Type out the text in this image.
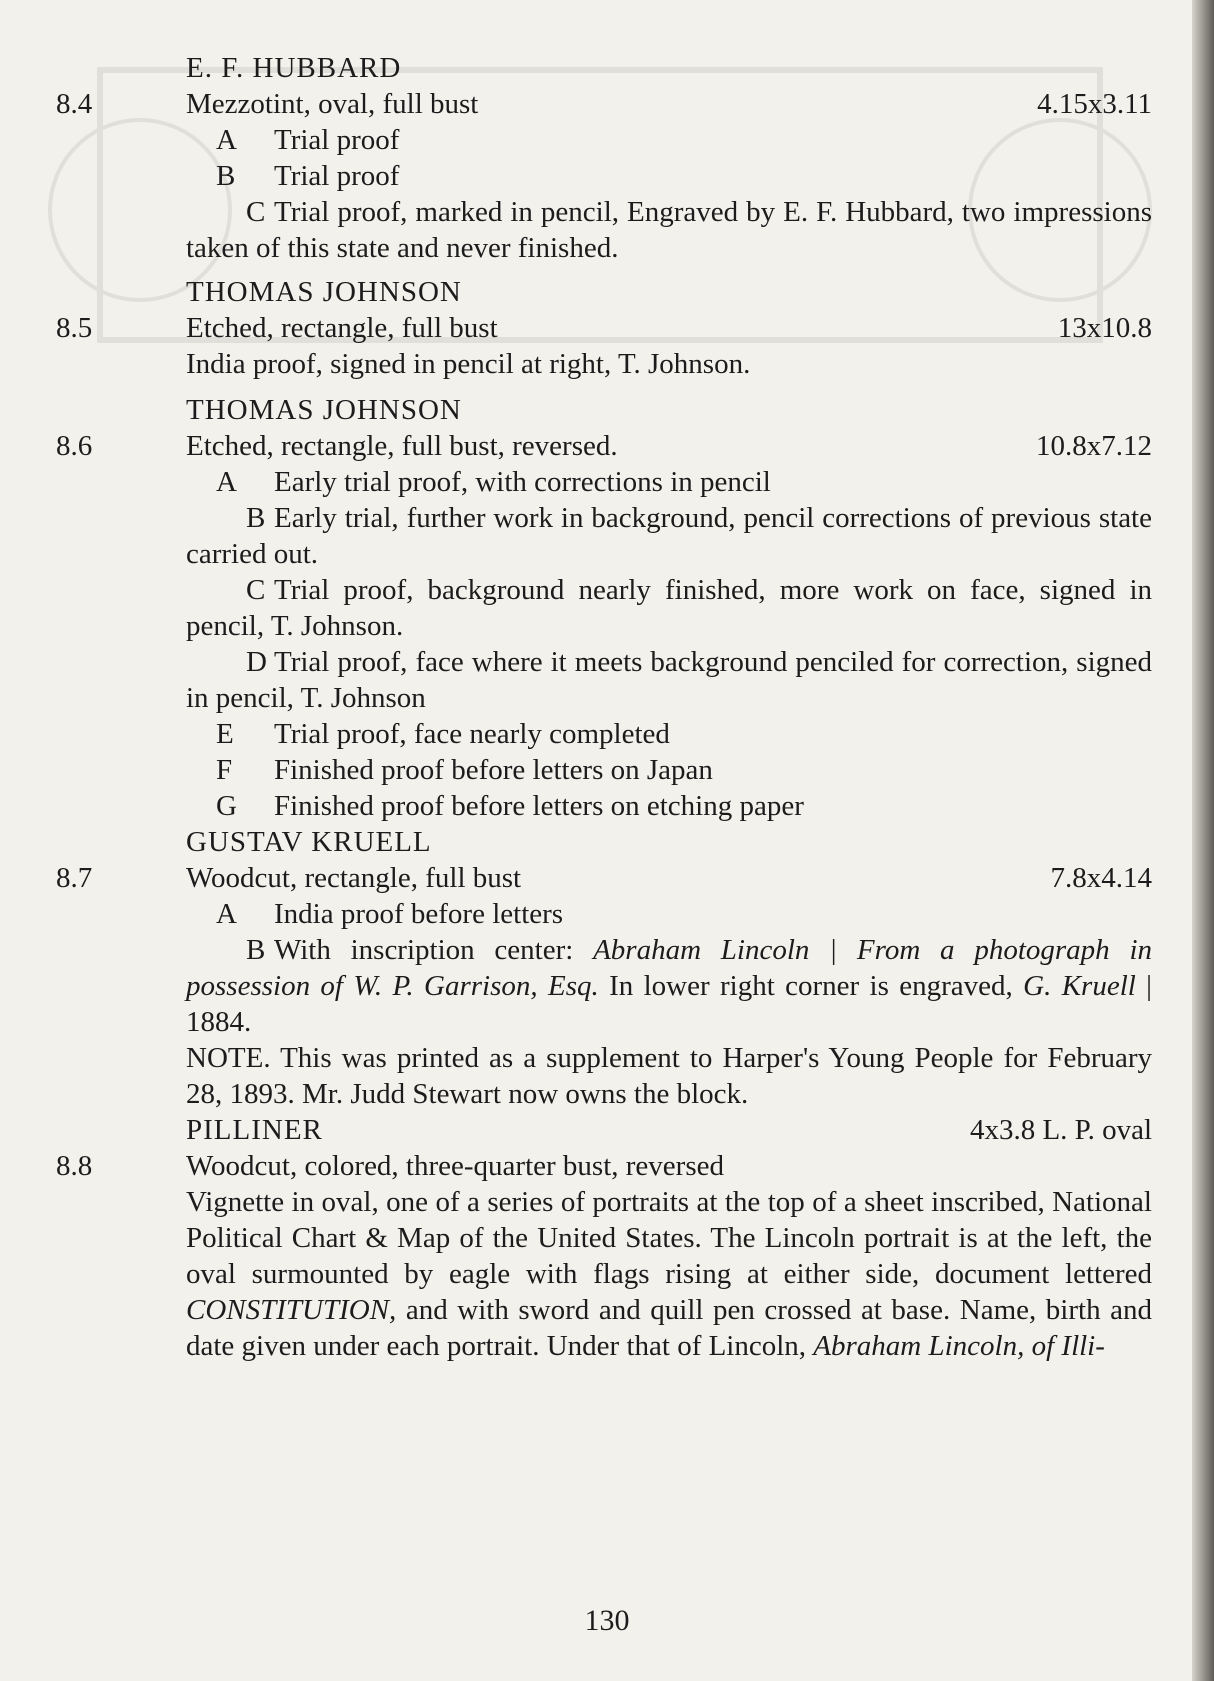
E. F. HUBBARD
8.4	Mezzotint, oval, full bust	4.15x3.11
A Trial proof
B Trial proof
C Trial proof, marked in pencil, Engraved by E. F. Hubbard, two impressions taken of this state and never finished.
THOMAS JOHNSON
8.5	Etched, rectangle, full bust	13x10.8
India proof, signed in pencil at right, T. Johnson.
THOMAS JOHNSON
8.6	Etched, rectangle, full bust, reversed.	10.8x7.12
A Early trial proof, with corrections in pencil
B Early trial, further work in background, pencil corrections of previous state carried out.
C Trial proof, background nearly finished, more work on face, signed in pencil, T. Johnson.
D Trial proof, face where it meets background penciled for correction, signed in pencil, T. Johnson
E Trial proof, face nearly completed
F Finished proof before letters on Japan
G Finished proof before letters on etching paper
GUSTAV KRUELL
8.7	Woodcut, rectangle, full bust	7.8x4.14
A India proof before letters
B With inscription center: Abraham Lincoln | From a photograph in possession of W. P. Garrison, Esq. In lower right corner is engraved, G. Kruell | 1884.
NOTE. This was printed as a supplement to Harper's Young People for February 28, 1893. Mr. Judd Stewart now owns the block.
PILLINER	4x3.8 L. P. oval
8.8	Woodcut, colored, three-quarter bust, reversed
Vignette in oval, one of a series of portraits at the top of a sheet inscribed, National Political Chart & Map of the United States. The Lincoln portrait is at the left, the oval surmounted by eagle with flags rising at either side, document lettered CONSTITUTION, and with sword and quill pen crossed at base. Name, birth and date given under each portrait. Under that of Lincoln, Abraham Lincoln, of Illi-
130
